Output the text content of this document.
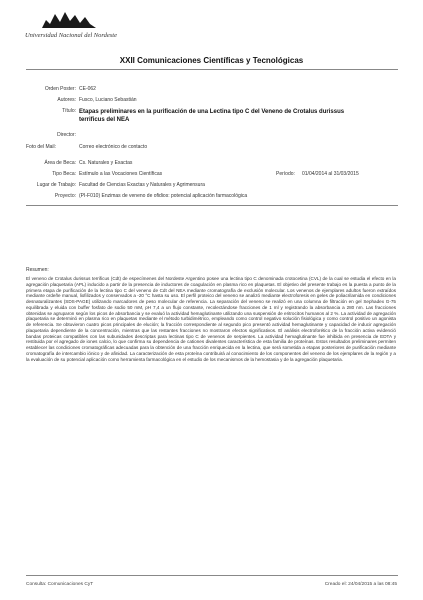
Universidad Nacional del Nordeste
XXII Comunicaciones Científicas y Tecnológicas
Orden Poster: CE-062
Autores: Fusco, Luciano Sebastián
Título: Etapas preliminares en la purificación de una Lectina tipo C del Veneno de Crotalus durissus terrificus del NEA
Director:
Foto del Mail:	Correo electrónico de contacto
Área de Beca: Cs. Naturales y Exactas
Tipo Beca: Estímulo a las Vocaciones Científicas	Período: 01/04/2014 al 31/03/2015
Lugar de Trabajo: Facultad de Ciencias Exactas y Naturales y Agrimensura
Proyecto: (PI-F010) Enzimas de veneno de ofidios: potencial aplicación farmacológica
Resumen:
El veneno de Crotalus durissus terrificus (Cdt) de especímenes del Nordeste Argentino posee una lectina tipo C denominada crotocetina (CVL) de la cual se estudia el efecto en la agregación plaquetaria (APL) inducido a partir de la presencia de inductores de coagulación en plasma rico en plaquetas. El objetivo del presente trabajo es la puesta a punto de la primera etapa de purificación de la lectina tipo C del veneno de Cdt del NEA mediante cromatografía de exclusión molecular. Los venenos de ejemplares adultos fueron extraídos mediante ordeñe manual, liofilizados y conservados a -20 °C hasta su uso. El perfil proteico del veneno se analizó mediante electroforesis en geles de poliacrilamida en condiciones desnaturalizantes (SDS-PAGE) utilizando marcadores de peso molecular de referencia. La separación del veneno se realizó en una columna de filtración en gel Sephadex G-75 equilibrada y eluida con buffer fosfato de sodio 50 mM, pH 7,4 a un flujo constante, recolectándose fracciones de 1 ml y registrando la absorbancia a 280 nm. Las fracciones obtenidas se agruparon según los picos de absorbancia y se evaluó la actividad hemaglutinante utilizando una suspensión de eritrocitos humanos al 2 %. La actividad de agregación plaquetaria se determinó en plasma rico en plaquetas mediante el método turbidimétrico, empleando como control negativo solución fisiológica y como control positivo un agonista de referencia. Se obtuvieron cuatro picos principales de elución; la fracción correspondiente al segundo pico presentó actividad hemaglutinante y capacidad de inducir agregación plaquetaria dependiente de la concentración, mientras que las restantes fracciones no mostraron efectos significativos. El análisis electroforético de la fracción activa evidenció bandas proteicas compatibles con las subunidades descriptas para lectinas tipo C de venenos de serpientes. La actividad hemaglutinante fue inhibida en presencia de EDTA y restituida por el agregado de iones calcio, lo que confirma su dependencia de cationes divalentes característica de esta familia de proteínas. Estos resultados preliminares permiten establecer las condiciones cromatográficas adecuadas para la obtención de una fracción enriquecida en la lectina, que será sometida a etapas posteriores de purificación mediante cromatografía de intercambio iónico y de afinidad. La caracterización de esta proteína contribuirá al conocimiento de los componentes del veneno de los ejemplares de la región y a la evaluación de su potencial aplicación como herramienta farmacológica en el estudio de los mecanismos de la hemostasia y de la agregación plaquetaria.
Consulta: Comunicaciones CyT	Creado el: 24/04/2015 a las 08:45
